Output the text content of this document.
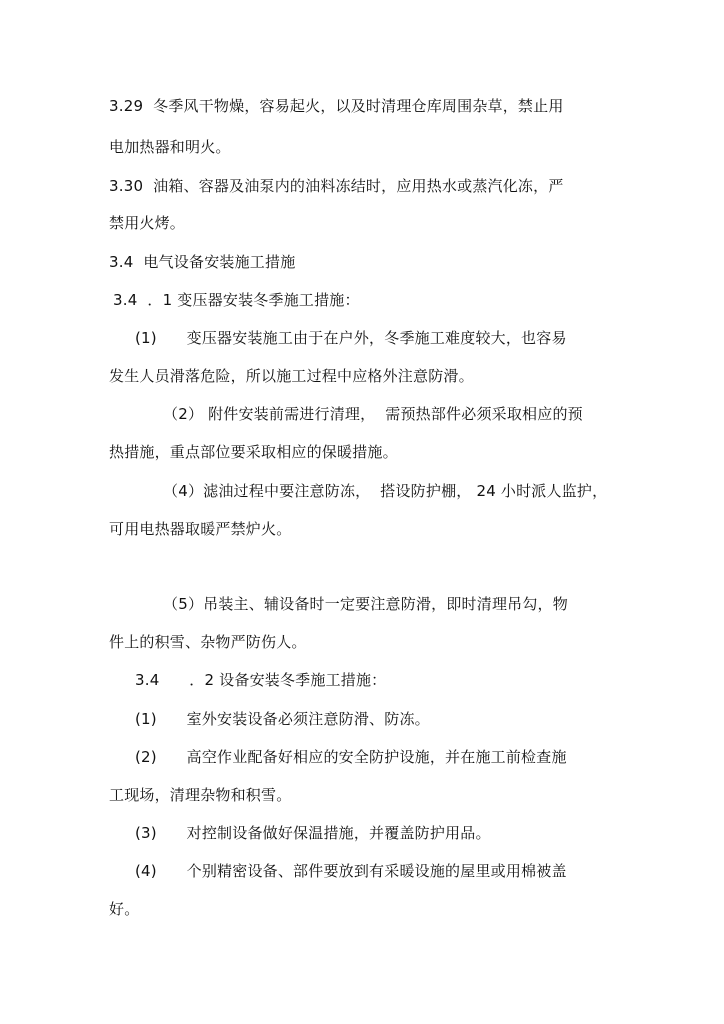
3.29  冬季风干物燥，容易起火，以及时清理仓库周围杂草，禁止用
电加热器和明火。
3.30  油箱、容器及油泵内的油料冻结时，应用热水或蒸汽化冻，严
禁用火烤。
3.4  电气设备安装施工措施
3.4  ．1 变压器安装冬季施工措施：
(1)      变压器安装施工由于在户外，冬季施工难度较大，也容易
发生人员滑落危险，所以施工过程中应格外注意防滑。
（2） 附件安装前需进行清理，  需预热部件必须采取相应的预
热措施，重点部位要采取相应的保暖措施。
（4）滤油过程中要注意防冻，  搭设防护棚， 24 小时派人监护，
可用电热器取暖严禁炉火。
（5）吊装主、辅设备时一定要注意防滑，即时清理吊勾，物
件上的积雪、杂物严防伤人。
3.4      ．2 设备安装冬季施工措施：
(1)      室外安装设备必须注意防滑、防冻。
(2)      高空作业配备好相应的安全防护设施，并在施工前检查施
工现场，清理杂物和积雪。
(3)      对控制设备做好保温措施，并覆盖防护用品。
(4)      个别精密设备、部件要放到有采暖设施的屋里或用棉被盖
好。
